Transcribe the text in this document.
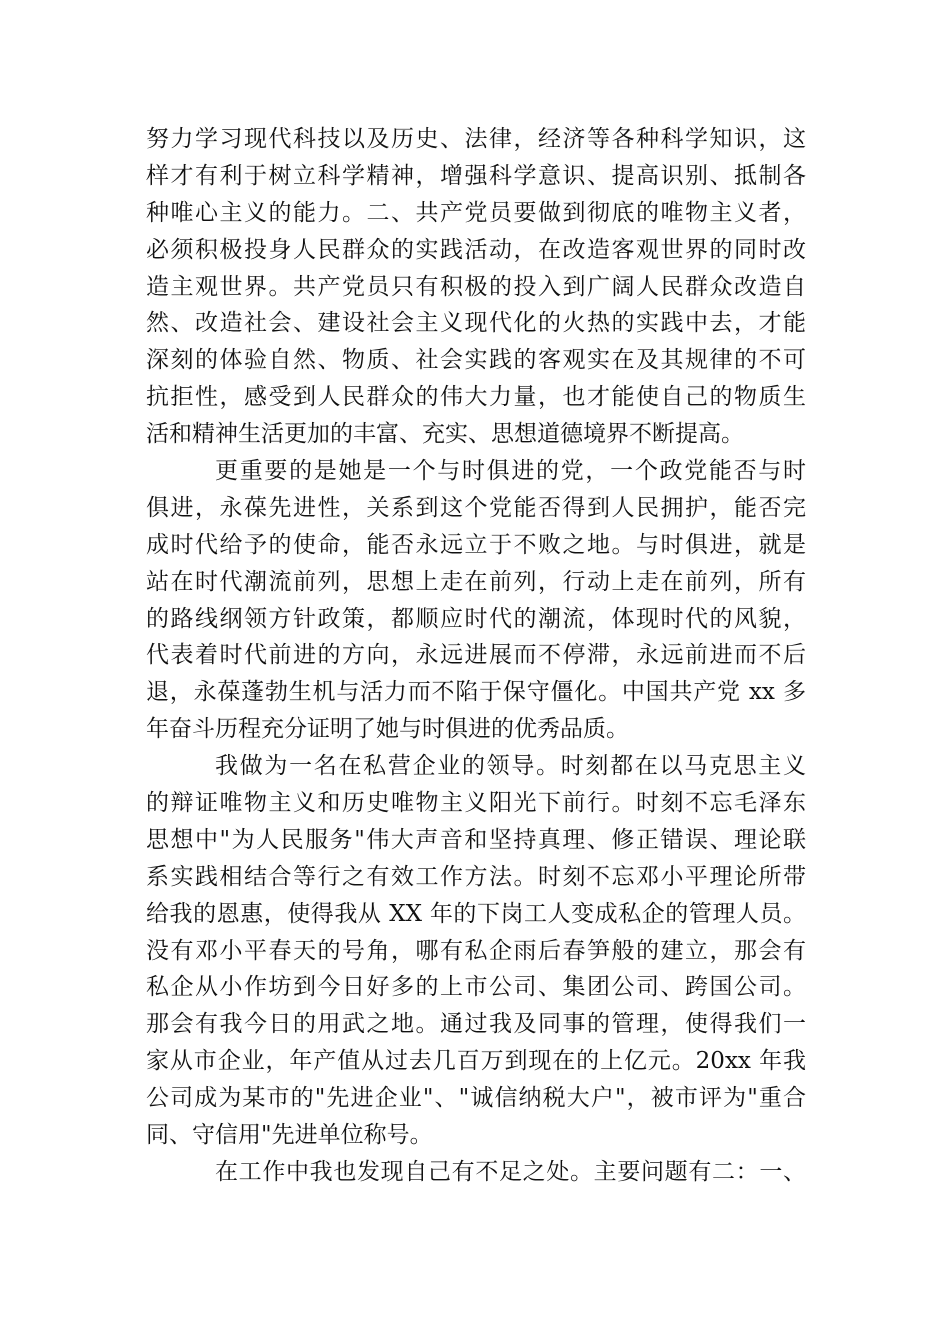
努力学习现代科技以及历史、法律，经济等各种科学知识，这
样才有利于树立科学精神，增强科学意识、提高识别、抵制各
种唯心主义的能力。二、共产党员要做到彻底的唯物主义者，
必须积极投身人民群众的实践活动，在改造客观世界的同时改
造主观世界。共产党员只有积极的投入到广阔人民群众改造自
然、改造社会、建设社会主义现代化的火热的实践中去，才能
深刻的体验自然、物质、社会实践的客观实在及其规律的不可
抗拒性，感受到人民群众的伟大力量，也才能使自己的物质生
活和精神生活更加的丰富、充实、思想道德境界不断提高。
更重要的是她是一个与时俱进的党，一个政党能否与时
俱进，永葆先进性，关系到这个党能否得到人民拥护，能否完
成时代给予的使命，能否永远立于不败之地。与时俱进，就是
站在时代潮流前列，思想上走在前列，行动上走在前列，所有
的路线纲领方针政策，都顺应时代的潮流，体现时代的风貌，
代表着时代前进的方向，永远进展而不停滞，永远前进而不后
退，永葆蓬勃生机与活力而不陷于保守僵化。中国共产党 xx 多
年奋斗历程充分证明了她与时俱进的优秀品质。
我做为一名在私营企业的领导。时刻都在以马克思主义
的辩证唯物主义和历史唯物主义阳光下前行。时刻不忘毛泽东
思想中"为人民服务"伟大声音和坚持真理、修正错误、理论联
系实践相结合等行之有效工作方法。时刻不忘邓小平理论所带
给我的恩惠，使得我从 XX 年的下岗工人变成私企的管理人员。
没有邓小平春天的号角，哪有私企雨后春笋般的建立，那会有
私企从小作坊到今日好多的上市公司、集团公司、跨国公司。
那会有我今日的用武之地。通过我及同事的管理，使得我们一
家从市企业，年产值从过去几百万到现在的上亿元。20xx 年我
公司成为某市的"先进企业"、"诚信纳税大户"，被市评为"重合
同、守信用"先进单位称号。
在工作中我也发现自己有不足之处。主要问题有二：一、
